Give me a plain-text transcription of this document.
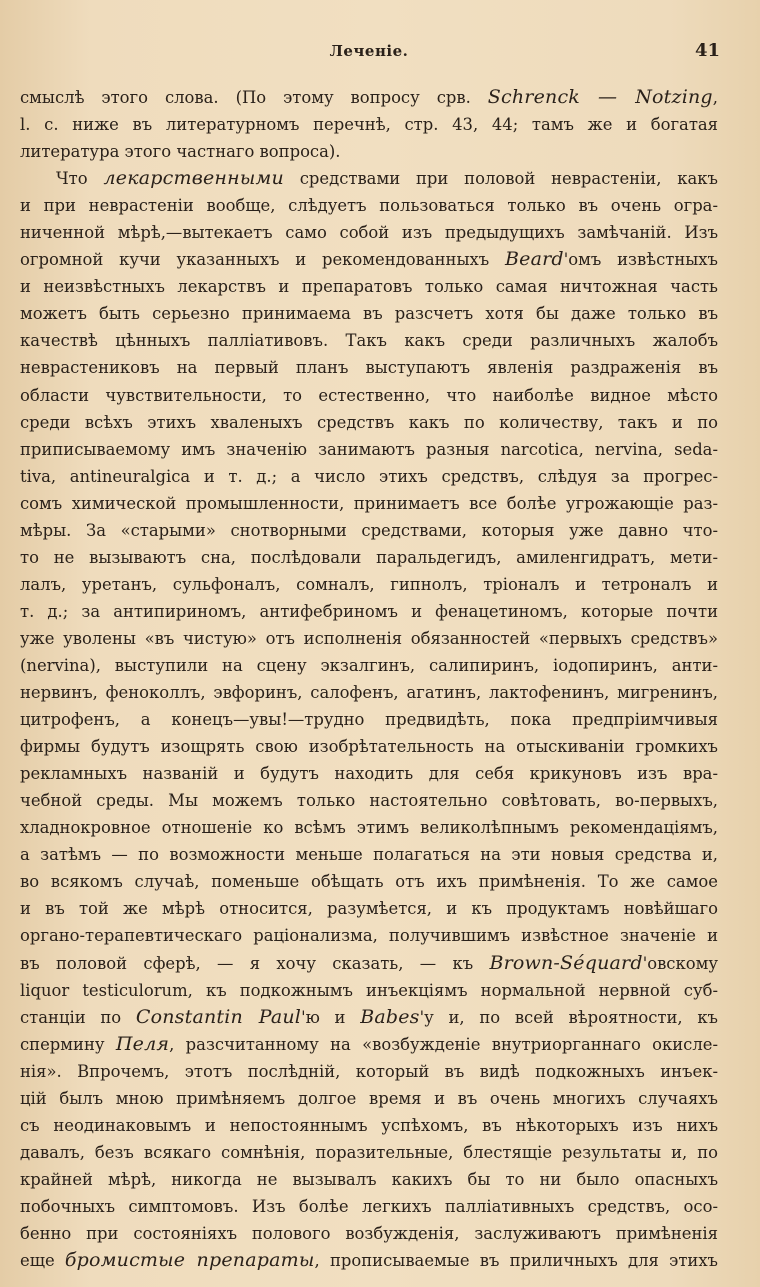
Леченіе.	41
смыслѣ этого слова. (По этому вопросу срв. Schrenck — Notzing,
l. c. ниже въ литературномъ перечнѣ, стр. 43, 44; тамъ же и богатая
литература этого частнаго вопроса).
Что лекарственными средствами при половой неврастеніи, какъ
и при неврастеніи вообще, слѣдуетъ пользоваться только въ очень огра-
ниченной мѣрѣ,—вытекаетъ само собой изъ предыдущихъ замѣчаній. Изъ
огромной кучи указанныхъ и рекомендованныхъ Beard'омъ извѣстныхъ
и неизвѣстныхъ лекарствъ и препаратовъ только самая ничтожная часть
можетъ быть серьезно принимаема въ разсчетъ хотя бы даже только въ
качествѣ цѣнныхъ палліативовъ. Такъ какъ среди различныхъ жалобъ
неврастениковъ на первый планъ выступаютъ явленія раздраженія въ
области чувствительности, то естественно, что наиболѣе видное мѣсто
среди всѣхъ этихъ хваленыхъ средствъ какъ по количеству, такъ и по
приписываемому имъ значенію занимаютъ разныя narcotica, nervina, seda-
tiva, antineuralgica и т. д.; а число этихъ средствъ, слѣдуя за прогрес-
сомъ химической промышленности, принимаетъ все болѣе угрожающіе раз-
мѣры. За «старыми» снотворными средствами, которыя уже давно что-
то не вызываютъ сна, послѣдовали паральдегидъ, амиленгидратъ, мети-
лалъ, уретанъ, сульфоналъ, сомналъ, гипнолъ, тріоналъ и тетроналъ и
т. д.; за антипириномъ, антифебриномъ и фенацетиномъ, которые почти
уже уволены «въ чистую» отъ исполненія обязанностей «первыхъ средствъ»
(nervina), выступили на сцену экзалгинъ, салипиринъ, іодопиринъ, анти-
нервинъ, феноколлъ, эвфоринъ, салофенъ, агатинъ, лактофенинъ, мигренинъ,
цитрофенъ, а конецъ—увы!—трудно предвидѣть, пока предпріимчивыя
фирмы будутъ изощрять свою изобрѣтательность на отыскиваніи громкихъ
рекламныхъ названій и будутъ находить для себя крикуновъ изъ вра-
чебной среды. Мы можемъ только настоятельно совѣтовать, во-первыхъ,
хладнокровное отношеніе ко всѣмъ этимъ великолѣпнымъ рекомендаціямъ,
а затѣмъ — по возможности меньше полагаться на эти новыя средства и,
во всякомъ случаѣ, поменьше обѣщать отъ ихъ примѣненія. То же самое
и въ той же мѣрѣ относится, разумѣется, и къ продуктамъ новѣйшаго
органо-терапевтическаго раціонализма, получившимъ извѣстное значеніе и
въ половой сферѣ, — я хочу сказать, — къ Brown-Séquard'овскому
liquor testiculorum, къ подкожнымъ инъекціямъ нормальной нервной суб-
станціи по Constantin Paul'ю и Babes'у и, по всей вѣроятности, къ
спермину Пеля, разсчитанному на «возбужденіе внутриорганнаго окисле-
нія». Впрочемъ, этотъ послѣдній, который въ видѣ подкожныхъ инъек-
цій былъ мною примѣняемъ долгое время и въ очень многихъ случаяхъ
съ неодинаковымъ и непостояннымъ успѣхомъ, въ нѣкоторыхъ изъ нихъ
давалъ, безъ всякаго сомнѣнія, поразительные, блестящіе результаты и, по
крайней мѣрѣ, никогда не вызывалъ какихъ бы то ни было опасныхъ
побочныхъ симптомовъ. Изъ болѣе легкихъ палліативныхъ средствъ, осо-
бенно при состояніяхъ полового возбужденія, заслуживаютъ примѣненія
еще бромистые препараты, прописываемые въ приличныхъ для этихъ
